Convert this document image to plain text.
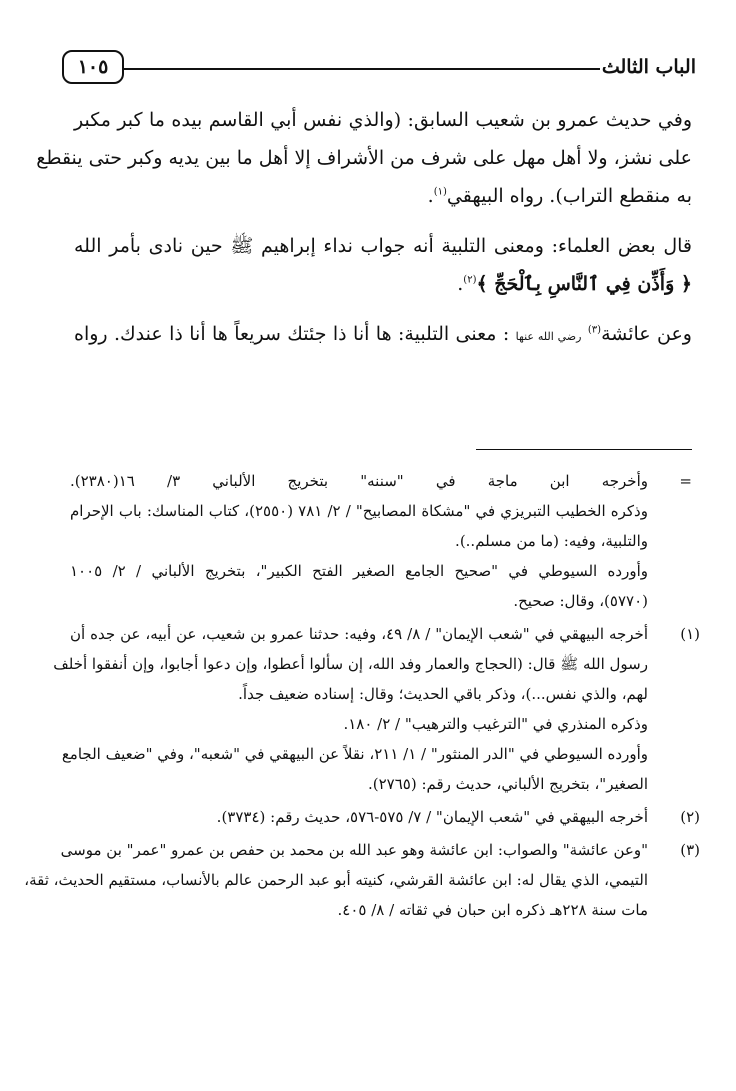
الباب الثالث
١٠٥
وفي حديث عمرو بن شعيب السابق: (والذي نفس أبي القاسم بيده ما كبر مكبر
على نشز، ولا أهل مهل على شرف من الأشراف إلا أهل ما بين يديه وكبر حتى ينقطع
به منقطع التراب). رواه البيهقي$^{(١)}$.
قال بعض العلماء: ومعنى التلبية أنه جواب نداء إبراهيم ﷺ حين نادى بأمر الله
﴿ وَأَذِّن فِي ٱلنَّاسِ بِٱلْحَجِّ ﴾$^{(٢)}$.
وعن عائشة$^{(٣)}$ رضي الله عنها : معنى التلبية: ها أنا ذا جئتك سريعاً ها أنا ذا عندك. رواه
=
وأخرجه ابن ماجة في "سننه" بتخريج الألباني ٣/ ١٦(٢٣٨٠).
وذكره الخطيب التبريزي في "مشكاة المصابيح" / ٢/ ٧٨١ (٢٥٥٠)، كتاب المناسك: باب الإحرام
والتلبية، وفيه: (ما من مسلم..).
وأورده السيوطي في "صحيح الجامع الصغير الفتح الكبير"، بتخريج الألباني / ٢/ ١٠٠٥
(٥٧٧٠)، وقال: صحيح.
(١)
أخرجه البيهقي في "شعب الإيمان" / ٨/ ٤٩، وفيه: حدثنا عمرو بن شعيب، عن أبيه، عن جده أن
رسول الله ﷺ قال: (الحجاج والعمار وفد الله، إن سألوا أعطوا، وإن دعوا أجابوا، وإن أنفقوا أخلف
لهم، والذي نفس...)، وذكر باقي الحديث؛ وقال: إسناده ضعيف جداً.
وذكره المنذري في "الترغيب والترهيب" / ٢/ ١٨٠.
وأورده السيوطي في "الدر المنثور" / ١/ ٢١١، نقلاً عن البيهقي في "شعبه"، وفي "ضعيف الجامع
الصغير"، بتخريج الألباني، حديث رقم: (٢٧٦٥).
(٢)
أخرجه البيهقي في "شعب الإيمان" / ٧/ ٥٧٥-٥٧٦، حديث رقم: (٣٧٣٤).
(٣)
"وعن عائشة" والصواب: ابن عائشة وهو عبد الله بن محمد بن حفص بن عمرو "عمر" بن موسى
التيمي، الذي يقال له: ابن عائشة القرشي، كنيته أبو عبد الرحمن عالم بالأنساب، مستقيم الحديث، ثقة،
مات سنة ٢٢٨هـ ذكره ابن حبان في ثقاته / ٨/ ٤٠٥.
